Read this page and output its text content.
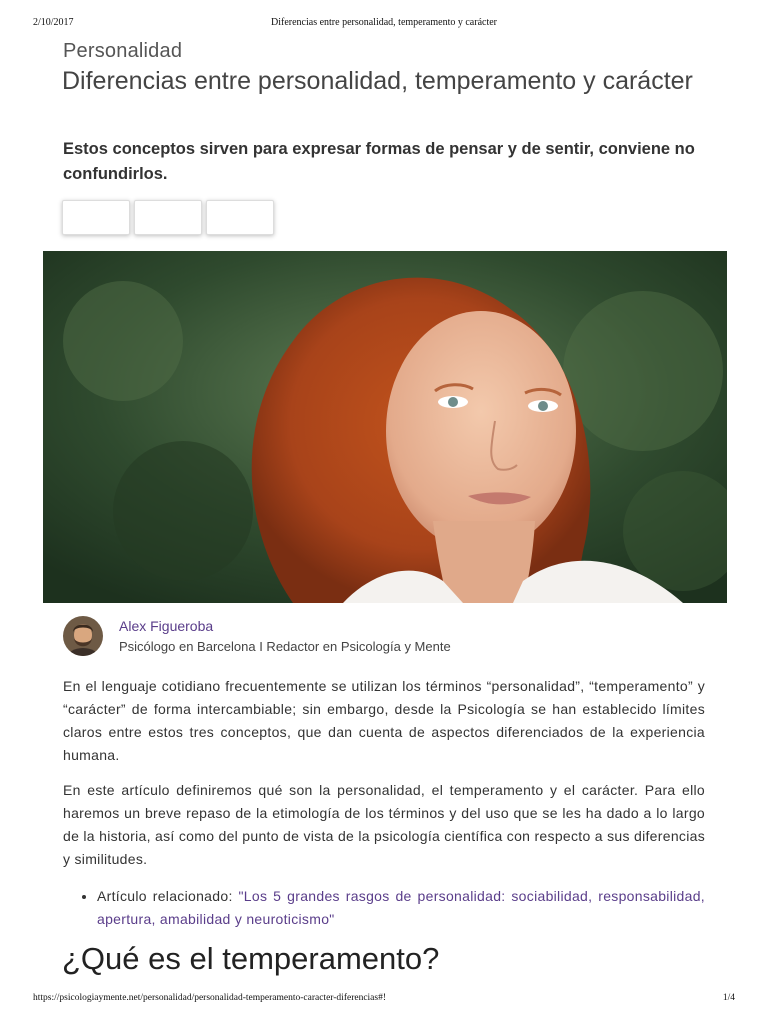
2/10/2017	Diferencias entre personalidad, temperamento y carácter
Personalidad
Diferencias entre personalidad, temperamento y carácter

Estos conceptos sirven para expresar formas de pensar y de sentir, conviene no confundirlos.

Alex Figueroba
Psicólogo en Barcelona I Redactor en Psicología y Mente

En el lenguaje cotidiano frecuentemente se utilizan los términos “personalidad”, “temperamento” y “carácter” de forma intercambiable; sin embargo, desde la Psicología se han establecido límites claros entre estos tres conceptos, que dan cuenta de aspectos diferenciados de la experiencia humana.

En este artículo definiremos qué son la personalidad, el temperamento y el carácter. Para ello haremos un breve repaso de la etimología de los términos y del uso que se les ha dado a lo largo de la historia, así como del punto de vista de la psicología científica con respecto a sus diferencias y similitudes.

• Artículo relacionado: "Los 5 grandes rasgos de personalidad: sociabilidad, responsabilidad, apertura, amabilidad y neuroticismo"
¿Qué es el temperamento?
https://psicologiaymente.net/personalidad/personalidad-temperamento-caracter-diferencias#!	1/4
